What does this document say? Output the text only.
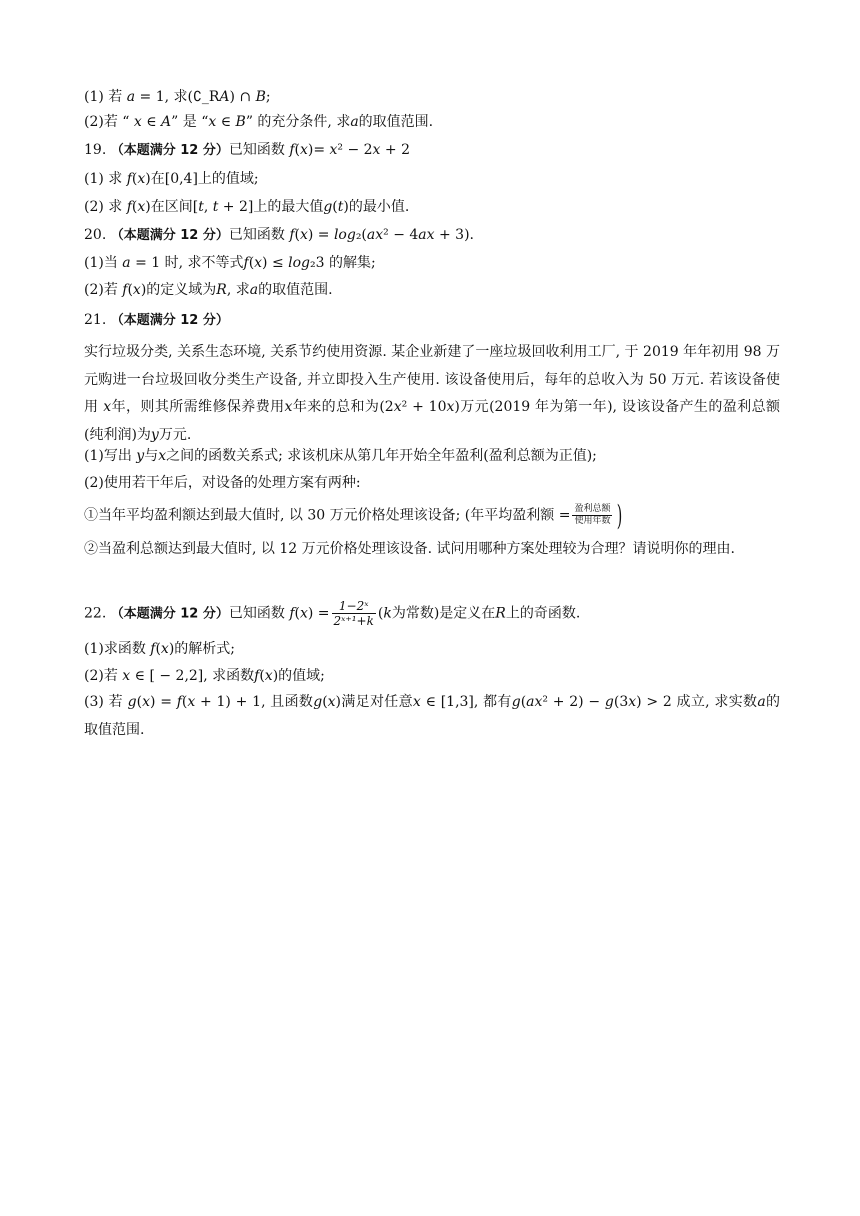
(1) 若 𝑎 = 1, 求(∁_R𝐴) ∩ 𝐵;
(2)若 “ 𝑥 ∈ 𝐴” 是 “𝑥 ∈ 𝐵” 的充分条件, 求𝑎的取值范围.
19. （本题满分 12 分）已知函数 𝑓(𝑥)= 𝑥² − 2𝑥 + 2
(1) 求 𝑓(𝑥)在[0,4]上的值域;
(2) 求 𝑓(𝑥)在区间[𝑡, 𝑡 + 2]上的最大值𝑔(𝑡)的最小值.
20. （本题满分 12 分）已知函数 𝑓(𝑥) = 𝑙𝑜𝑔₂(𝑎𝑥² − 4𝑎𝑥 + 3).
(1)当 𝑎 = 1 时, 求不等式𝑓(𝑥) ≤ 𝑙𝑜𝑔₂3 的解集;
(2)若 𝑓(𝑥)的定义域为𝑅, 求𝑎的取值范围.
21. （本题满分 12 分）
实行垃圾分类, 关系生态环境, 关系节约使用资源. 某企业新建了一座垃圾回收利用工厂, 于 2019 年年初用 98 万元购进一台垃圾回收分类生产设备, 并立即投入生产使用. 该设备使用后，每年的总收入为 50 万元. 若该设备使用 𝑥年，则其所需维修保养费用𝑥年来的总和为(2𝑥² + 10𝑥)万元(2019 年为第一年), 设该设备产生的盈利总额(纯利润)为𝑦万元.
(1)写出 𝑦与𝑥之间的函数关系式; 求该机床从第几年开始全年盈利(盈利总额为正值);
(2)使用若干年后，对设备的处理方案有两种:
①当年平均盈利额达到最大值时, 以 30 万元价格处理该设备; (年平均盈利额 = $\frac{\text{盈利总额}}{\text{使用年数}}$ )
②当盈利总额达到最大值时, 以 12 万元价格处理该设备. 试问用哪种方案处理较为合理？请说明你的理由.
22. （本题满分 12 分）已知函数 𝑓(𝑥) = $\frac{\text{1−2ˣ}}{\text{2ˣ⁺¹+𝑘}}$ (𝑘为常数)是定义在𝑅上的奇函数.
(1)求函数 𝑓(𝑥)的解析式;
(2)若 𝑥 ∈ [ − 2,2], 求函数𝑓(𝑥)的值域;
(3) 若 𝑔(𝑥) = 𝑓(𝑥 + 1) + 1, 且函数𝑔(𝑥)满足对任意𝑥 ∈ [1,3], 都有𝑔(𝑎𝑥² + 2) − 𝑔(3𝑥) > 2 成立, 求实数𝑎的取值范围.
